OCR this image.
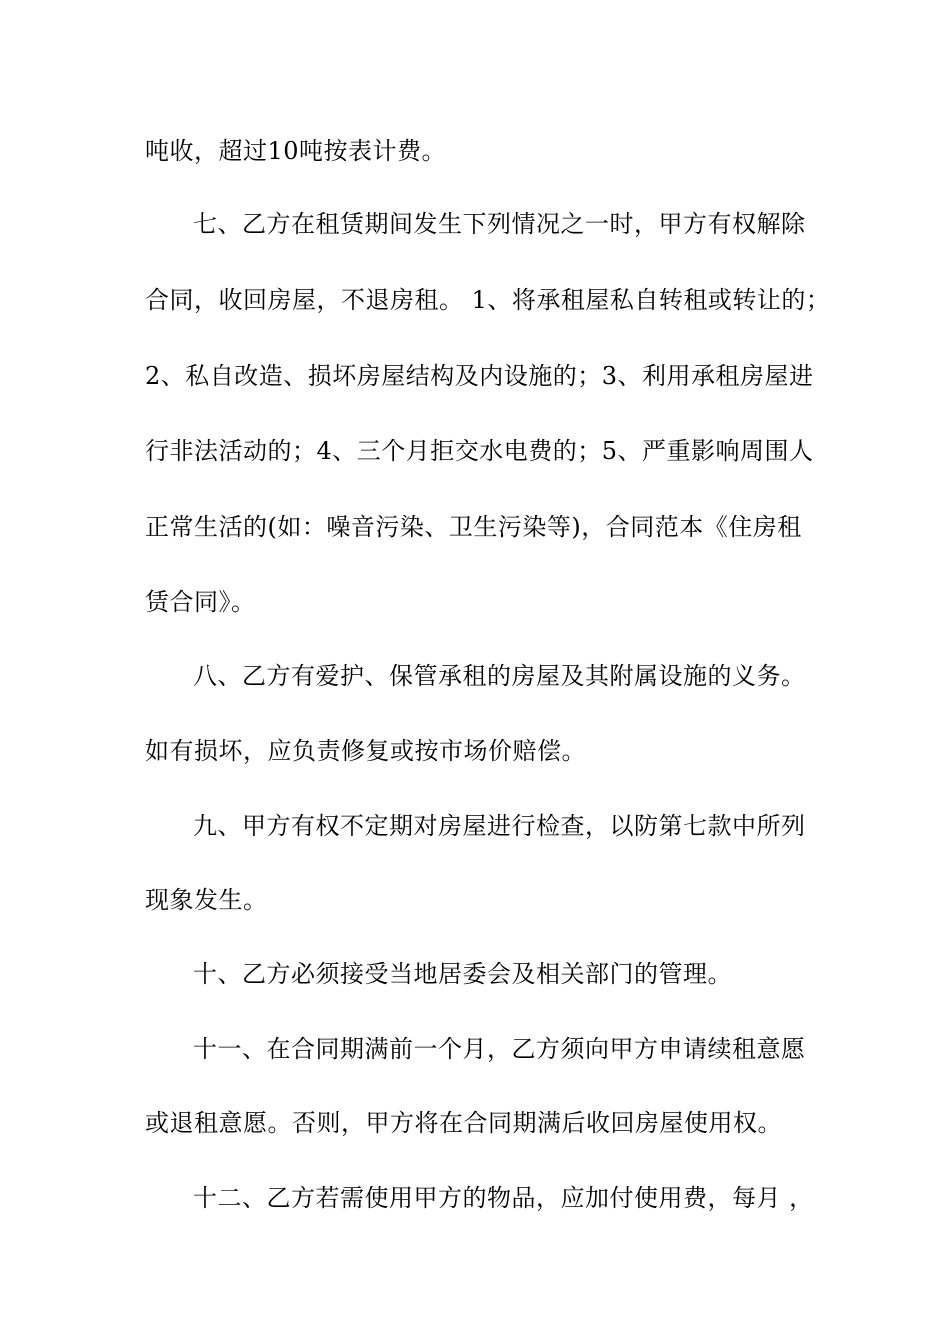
吨收，超过10吨按表计费。
七、乙方在租赁期间发生下列情况之一时，甲方有权解除
合同，收回房屋，不退房租。 1、将承租屋私自转租或转让的；
2、私自改造、损坏房屋结构及内设施的；3、利用承租房屋进
行非法活动的；4、三个月拒交水电费的；5、严重影响周围人
正常生活的(如：噪音污染、卫生污染等)，合同范本《住房租
赁合同》。
八、乙方有爱护、保管承租的房屋及其附属设施的义务。
如有损坏，应负责修复或按市场价赔偿。
九、甲方有权不定期对房屋进行检查，以防第七款中所列
现象发生。
十、乙方必须接受当地居委会及相关部门的管理。
十一、在合同期满前一个月，乙方须向甲方申请续租意愿
或退租意愿。否则，甲方将在合同期满后收回房屋使用权。
十二、乙方若需使用甲方的物品，应加付使用费，每月 ，
